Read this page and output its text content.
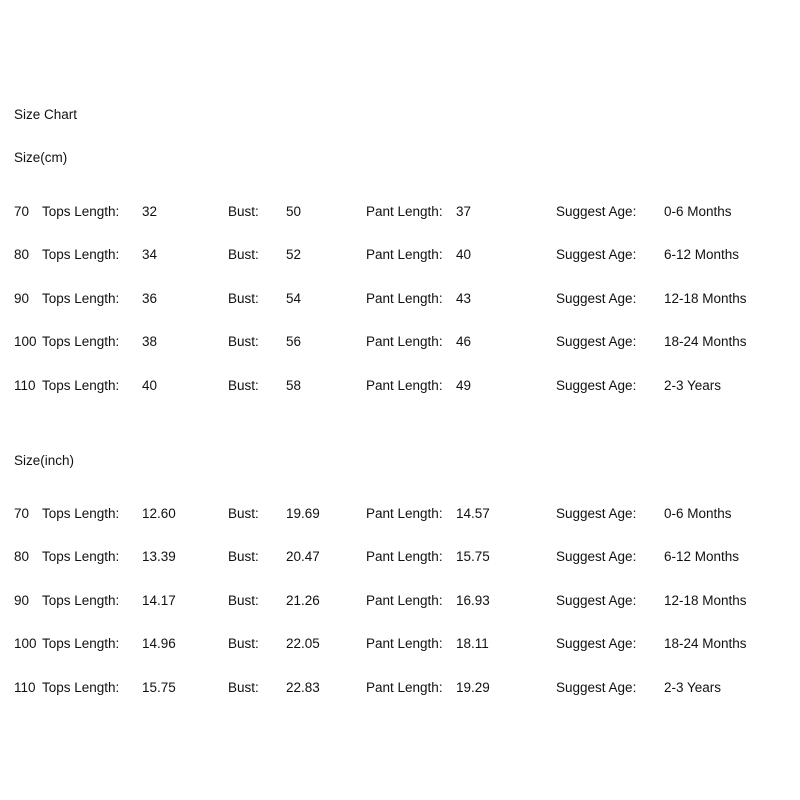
Size Chart
Size(cm)
70	Tops Length:	32	Bust:	50	Pant Length:	37	Suggest Age:	0-6 Months
80	Tops Length:	34	Bust:	52	Pant Length:	40	Suggest Age:	6-12 Months
90	Tops Length:	36	Bust:	54	Pant Length:	43	Suggest Age:	12-18 Months
100	Tops Length:	38	Bust:	56	Pant Length:	46	Suggest Age:	18-24 Months
110	Tops Length:	40	Bust:	58	Pant Length:	49	Suggest Age:	2-3 Years
Size(inch)
70	Tops Length:	12.60	Bust:	19.69	Pant Length:	14.57	Suggest Age:	0-6 Months
80	Tops Length:	13.39	Bust:	20.47	Pant Length:	15.75	Suggest Age:	6-12 Months
90	Tops Length:	14.17	Bust:	21.26	Pant Length:	16.93	Suggest Age:	12-18 Months
100	Tops Length:	14.96	Bust:	22.05	Pant Length:	18.11	Suggest Age:	18-24 Months
110	Tops Length:	15.75	Bust:	22.83	Pant Length:	19.29	Suggest Age:	2-3 Years
